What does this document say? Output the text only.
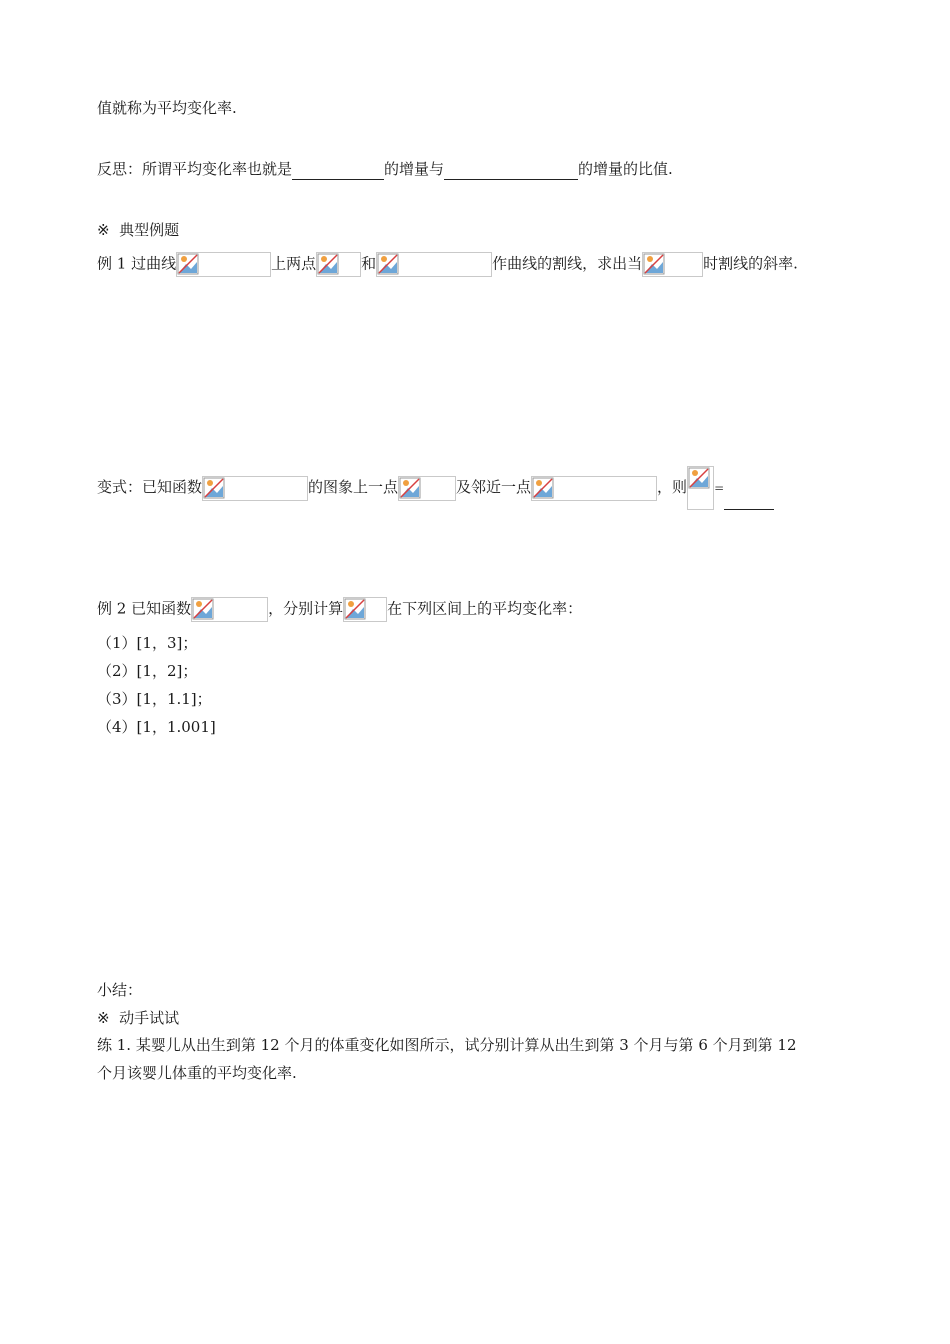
值就称为平均变化率.
反思：所谓平均变化率也就是	的增量与	的增量的比值.
※ 典型例题
例 1 过曲线	上两点	和	作曲线的割线，求出当	时割线的斜率.
变式：已知函数	的图象上一点	及邻近一点	，则 =
例 2 已知函数	，分别计算	在下列区间上的平均变化率：
（1）[1，3]；
（2）[1，2]；
（3）[1，1.1]；
（4）[1，1.001]
小结：
※ 动手试试
练 1. 某婴儿从出生到第 12 个月的体重变化如图所示，试分别计算从出生到第 3 个月与第 6 个月到第 12
个月该婴儿体重的平均变化率.
